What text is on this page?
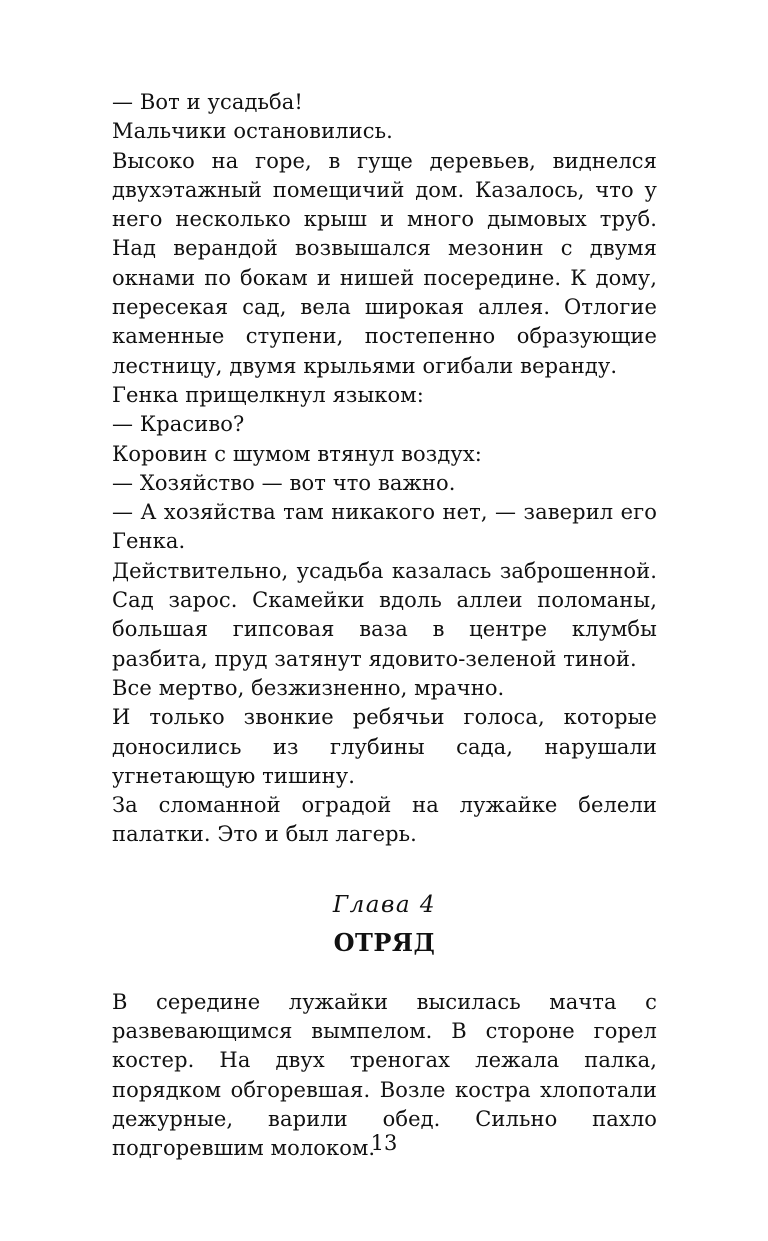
— Вот и усадьба!

Мальчики остановились.

Высоко на горе, в гуще деревьев, виднелся двухэтажный помещичий дом. Казалось, что у него несколько крыш и много дымовых труб. Над верандой возвышался мезонин с двумя окнами по бокам и нишей посередине. К дому, пересекая сад, вела широкая аллея. Отлогие каменные ступени, постепенно образующие лестницу, двумя крыльями огибали веранду.

Генка прищелкнул языком:

— Красиво?

Коровин с шумом втянул воздух:

— Хозяйство — вот что важно.

— А хозяйства там никакого нет, — заверил его Генка.

Действительно, усадьба казалась заброшенной. Сад зарос. Скамейки вдоль аллеи поломаны, большая гипсовая ваза в центре клумбы разбита, пруд затянут ядовито-зеленой тиной.

Все мертво, безжизненно, мрачно.

И только звонкие ребячьи голоса, которые доносились из глубины сада, нарушали угнетающую тишину.

За сломанной оградой на лужайке белели палатки. Это и был лагерь.

Глава 4
ОТРЯД

В середине лужайки высилась мачта с развевающимся вымпелом. В стороне горел костер. На двух треногах лежала палка, порядком обгоревшая. Возле костра хлопотали дежурные, варили обед. Сильно пахло подгоревшим молоком.

13
